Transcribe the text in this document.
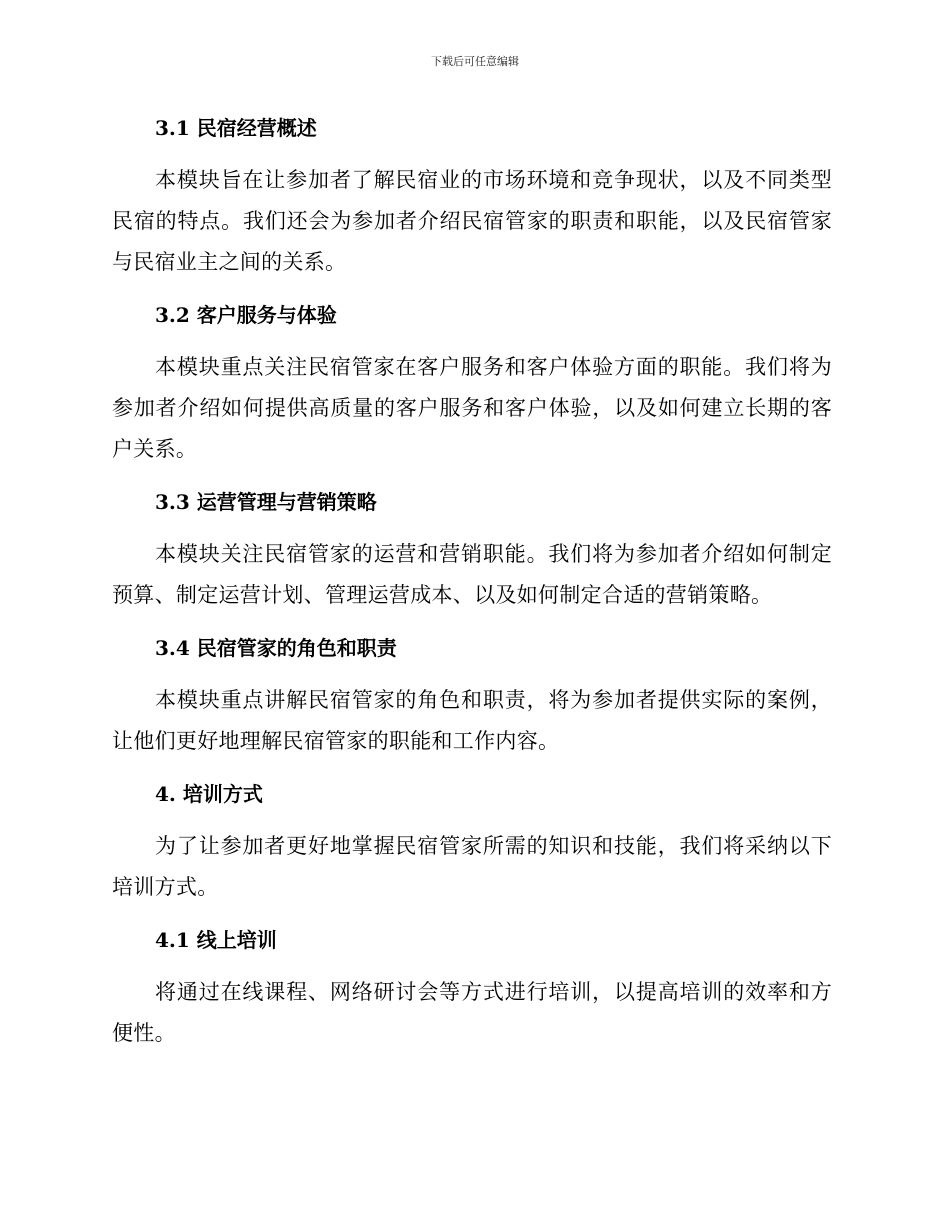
下载后可任意编辑
3.1 民宿经营概述
本模块旨在让参加者了解民宿业的市场环境和竞争现状，以及不同类型民宿的特点。我们还会为参加者介绍民宿管家的职责和职能，以及民宿管家与民宿业主之间的关系。
3.2 客户服务与体验
本模块重点关注民宿管家在客户服务和客户体验方面的职能。我们将为参加者介绍如何提供高质量的客户服务和客户体验，以及如何建立长期的客户关系。
3.3 运营管理与营销策略
本模块关注民宿管家的运营和营销职能。我们将为参加者介绍如何制定预算、制定运营计划、管理运营成本、以及如何制定合适的营销策略。
3.4 民宿管家的角色和职责
本模块重点讲解民宿管家的角色和职责，将为参加者提供实际的案例，让他们更好地理解民宿管家的职能和工作内容。
4. 培训方式
为了让参加者更好地掌握民宿管家所需的知识和技能，我们将采纳以下培训方式。
4.1 线上培训
将通过在线课程、网络研讨会等方式进行培训，以提高培训的效率和方便性。
